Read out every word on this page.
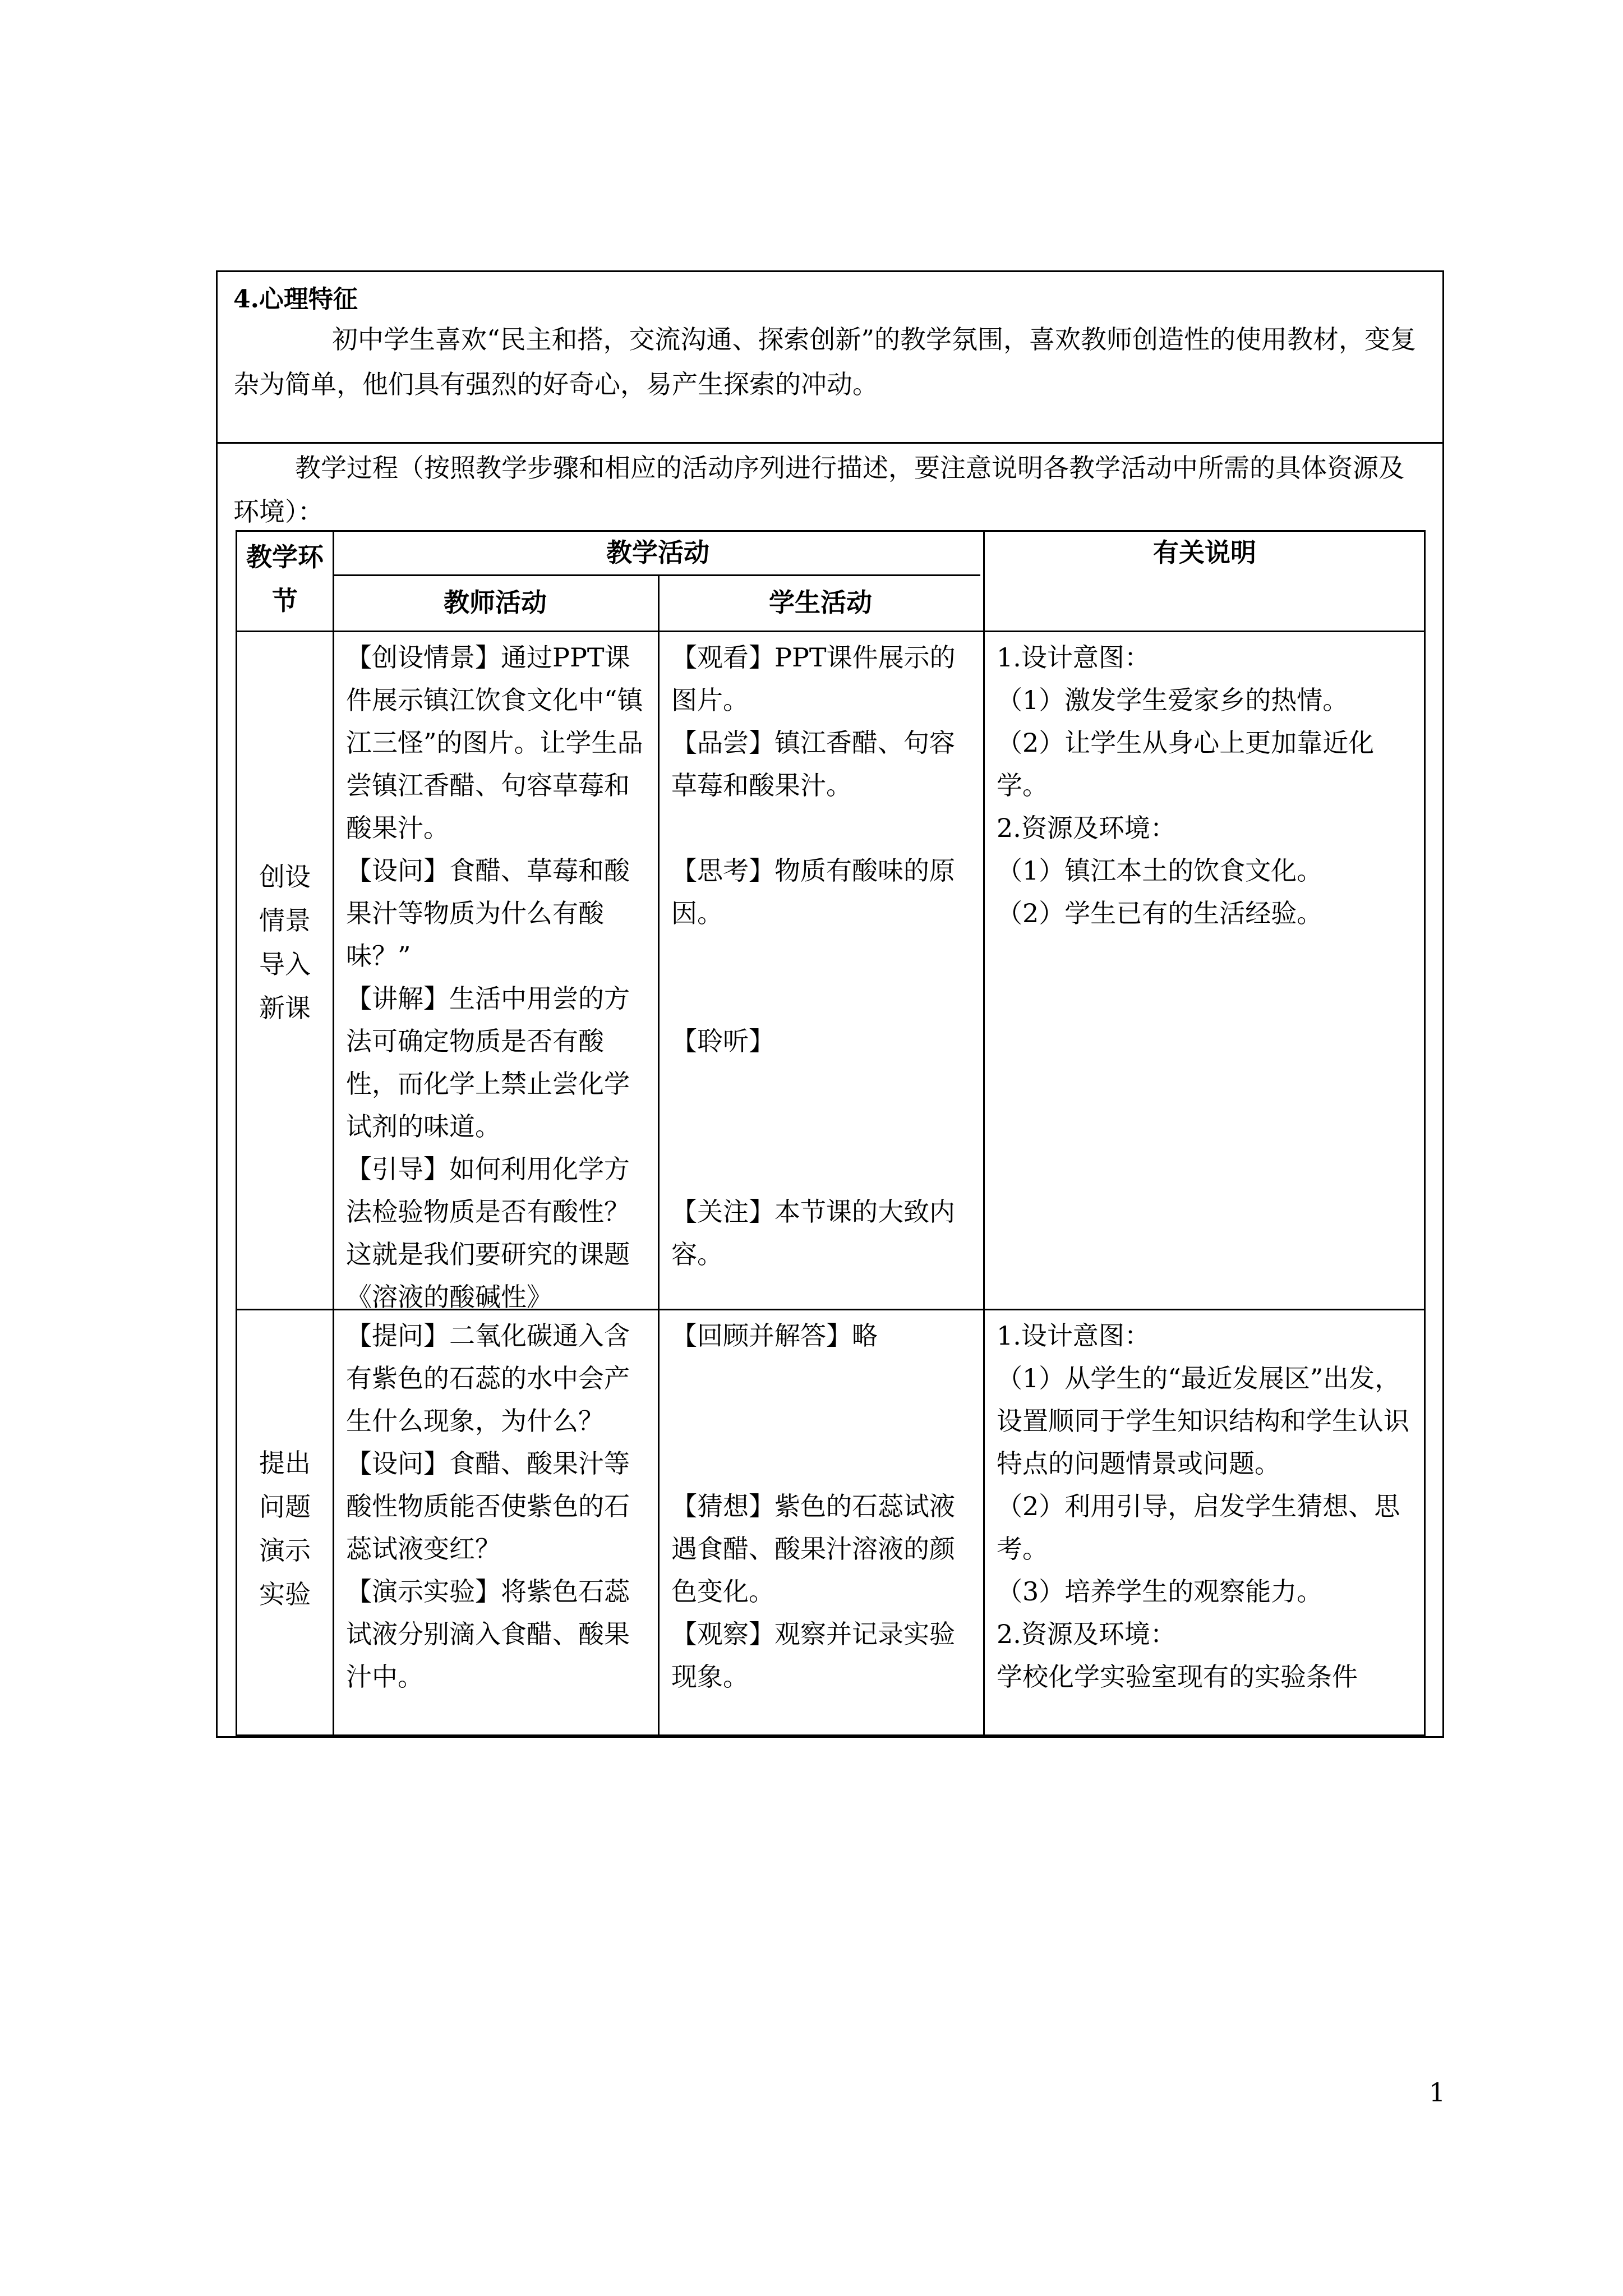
4.心理特征
初中学生喜欢“民主和搭，交流沟通、探索创新”的教学氛围，喜欢教师创造性的使用教材，变复杂为简单，他们具有强烈的好奇心，易产生探索的冲动。
教学过程（按照教学步骤和相应的活动序列进行描述，要注意说明各教学活动中所需的具体资源及环境）：
教学环节
教学活动
教师活动	学生活动
有关说明
创设情景导入新课

【创设情景】通过PPT课件展示镇江饮食文化中“镇江三怪”的图片。让学生品尝镇江香醋、句容草莓和酸果汁。

【设问】食醋、草莓和酸果汁等物质为什么有酸味？”

【讲解】生活中用尝的方法可确定物质是否有酸性，而化学上禁止尝化学试剂的味道。

【引导】如何利用化学方法检验物质是否有酸性？这就是我们要研究的课题《溶液的酸碱性》

【观看】PPT课件展示的图片。

【品尝】镇江香醋、句容草莓和酸果汁。

【思考】物质有酸味的原因。

【聆听】

【关注】本节课的大致内容。

1.设计意图：

（1）激发学生爱家乡的热情。

（2）让学生从身心上更加靠近化学。

2.资源及环境：

（1）镇江本土的饮食文化。

（2）学生已有的生活经验。

提出问题演示实验

【提问】二氧化碳通入含有紫色的石蕊的水中会产生什么现象，为什么？

【设问】食醋、酸果汁等酸性物质能否使紫色的石蕊试液变红？

【演示实验】将紫色石蕊试液分别滴入食醋、酸果汁中。

【回顾并解答】略

【猜想】紫色的石蕊试液遇食醋、酸果汁溶液的颜色变化。

【观察】观察并记录实验现象。

1.设计意图：

（1）从学生的“最近发展区”出发，设置顺同于学生知识结构和学生认识特点的问题情景或问题。

（2）利用引导，启发学生猜想、思考。

（3）培养学生的观察能力。

2.资源及环境：

学校化学实验室现有的实验条件

1
